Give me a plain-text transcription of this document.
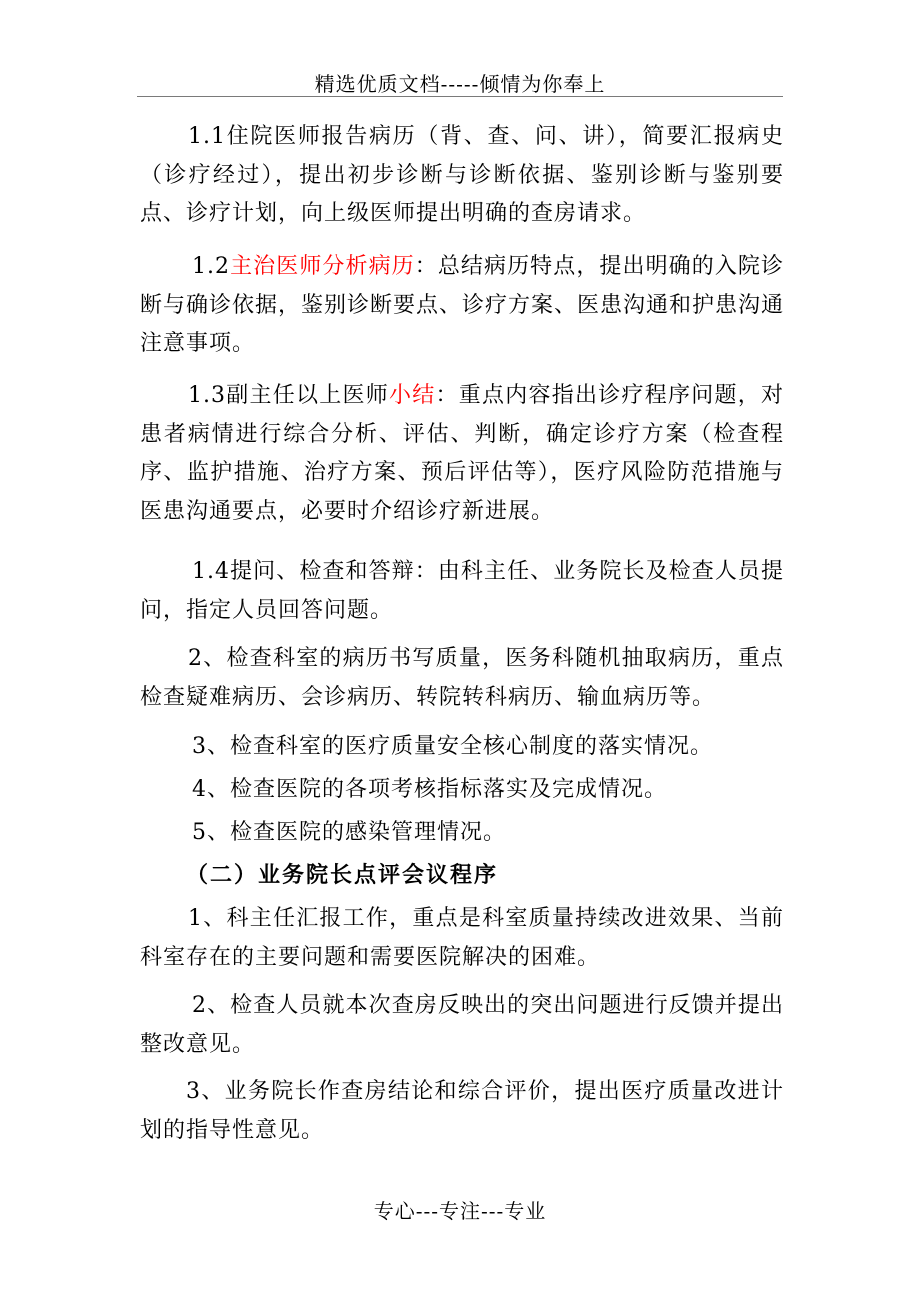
精选优质文档-----倾情为你奉上
1.1住院医师报告病历（背、查、问、讲），简要汇报病史（诊疗经过），提出初步诊断与诊断依据、鉴别诊断与鉴别要点、诊疗计划，向上级医师提出明确的查房请求。
1.2主治医师分析病历：总结病历特点，提出明确的入院诊断与确诊依据，鉴别诊断要点、诊疗方案、医患沟通和护患沟通注意事项。
1.3副主任以上医师小结：重点内容指出诊疗程序问题，对患者病情进行综合分析、评估、判断，确定诊疗方案（检查程序、监护措施、治疗方案、预后评估等），医疗风险防范措施与医患沟通要点，必要时介绍诊疗新进展。
1.4提问、检查和答辩：由科主任、业务院长及检查人员提问，指定人员回答问题。
2、检查科室的病历书写质量，医务科随机抽取病历，重点检查疑难病历、会诊病历、转院转科病历、输血病历等。
3、检查科室的医疗质量安全核心制度的落实情况。
4、检查医院的各项考核指标落实及完成情况。
5、检查医院的感染管理情况。
（二）业务院长点评会议程序
1、科主任汇报工作，重点是科室质量持续改进效果、当前科室存在的主要问题和需要医院解决的困难。
2、检查人员就本次查房反映出的突出问题进行反馈并提出整改意见。
3、业务院长作查房结论和综合评价，提出医疗质量改进计划的指导性意见。
专心---专注---专业
